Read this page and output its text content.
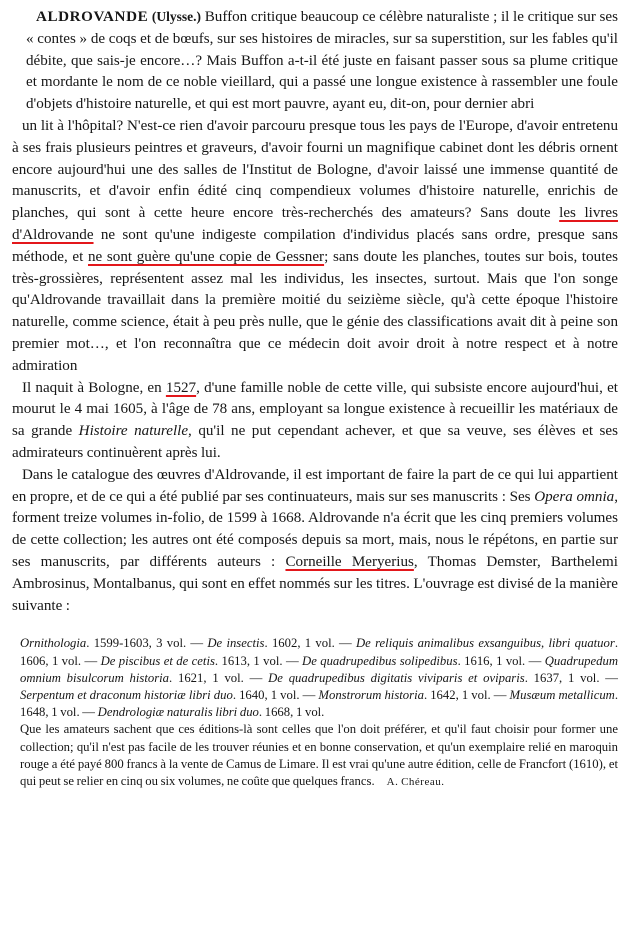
ALDROVANDE (Ulysse.) Buffon critique beaucoup ce célèbre naturaliste ; il le critique sur ses « contes » de coqs et de bœufs, sur ses histoires de miracles, sur sa superstition, sur les fables qu'il débite, que sais-je encore…? Mais Buffon a-t-il été juste en faisant passer sous sa plume critique et mordante le nom de ce noble vieillard, qui a passé une longue existence à rassembler une foule d'objets d'histoire naturelle, et qui est mort pauvre, ayant eu, dit-on, pour dernier abri

un lit à l'hôpital? N'est-ce rien d'avoir parcouru presque tous les pays de l'Europe, d'avoir entretenu à ses frais plusieurs peintres et graveurs, d'avoir fourni un magnifique cabinet dont les débris ornent encore aujourd'hui une des salles de l'Institut de Bologne, d'avoir laissé une immense quantité de manuscrits, et d'avoir enfin édité cinq compendieux volumes d'histoire naturelle, enrichis de planches, qui sont à cette heure encore très-recherchés des amateurs? Sans doute les livres d'Aldrovande ne sont qu'une indigeste compilation d'individus placés sans ordre, presque sans méthode, et ne sont guère qu'une copie de Gessner; sans doute les planches, toutes sur bois, toutes très-grossières, représentent assez mal les individus, les insectes, surtout. Mais que l'on songe qu'Aldrovande travaillait dans la première moitié du seizième siècle, qu'à cette époque l'histoire naturelle, comme science, était à peu près nulle, que le génie des classifications avait dit à peine son premier mot…, et l'on reconnaîtra que ce médecin doit avoir droit à notre respect et à notre admiration

Il naquit à Bologne, en 1527, d'une famille noble de cette ville, qui subsiste encore aujourd'hui, et mourut le 4 mai 1605, à l'âge de 78 ans, employant sa longue existence à recueillir les matériaux de sa grande Histoire naturelle, qu'il ne put cependant achever, et que sa veuve, ses élèves et ses admirateurs continuèrent après lui.

Dans le catalogue des œuvres d'Aldrovande, il est important de faire la part de ce qui lui appartient en propre, et de ce qui a été publié par ses continuateurs, mais sur ses manuscrits : Ses Opera omnia, forment treize volumes in-folio, de 1599 à 1668. Aldrovande n'a écrit que les cinq premiers volumes de cette collection; les autres ont été composés depuis sa mort, mais, nous le répétons, en partie sur ses manuscrits, par différents auteurs : Corneille Meryerius, Thomas Demster, Barthelemi Ambrosinus, Montalbanus, qui sont en effet nommés sur les titres. L'ouvrage est divisé de la manière suivante :

Ornithologia. 1599-1603, 3 vol. — De insectis. 1602, 1 vol. — De reliquis animalibus exsanguibus, libri quatuor. 1606, 1 vol. — De piscibus et de cetis. 1613, 1 vol. — De quadrupedibus solipedibus. 1616, 1 vol. — Quadrupedum omnium bisulcorum historia. 1621, 1 vol. — De quadrupedibus digitatis viviparis et oviparis. 1637, 1 vol. — Serpentum et draconum historiæ libri duo. 1640, 1 vol. — Monstrorum historia. 1642, 1 vol. — Musæum metallicum. 1648, 1 vol. — Dendrologiæ naturalis libri duo. 1668, 1 vol.

Que les amateurs sachent que ces éditions-là sont celles que l'on doit préférer, et qu'il faut choisir pour former une collection; qu'il n'est pas facile de les trouver réunies et en bonne conservation, et qu'un exemplaire relié en maroquin rouge a été payé 800 francs à la vente de Camus de Limare. Il est vrai qu'une autre édition, celle de Francfort (1610), et qui peut se relier en cinq ou six volumes, ne coûte que quelques francs. A. Chéreau.
